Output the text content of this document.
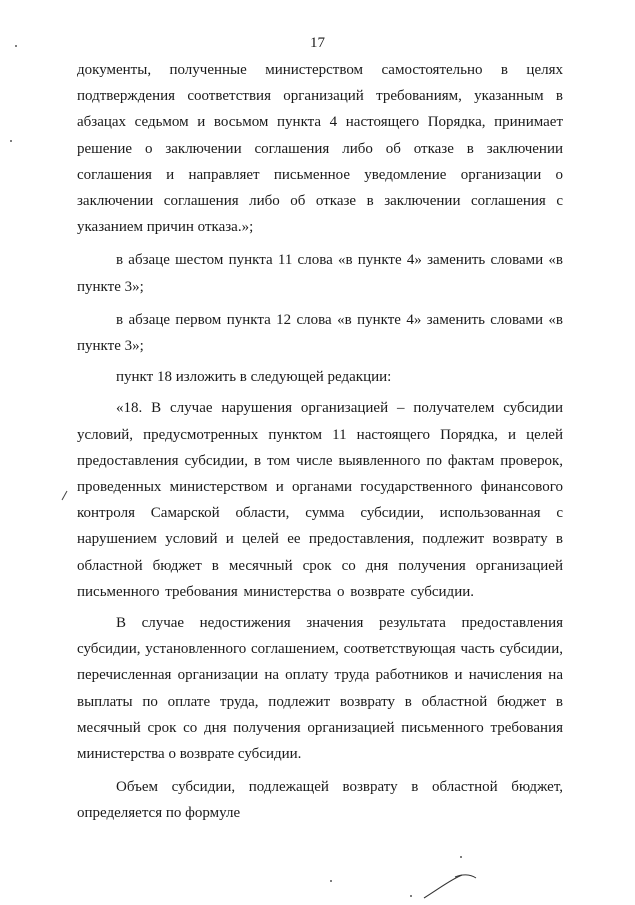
17

документы, полученные министерством самостоятельно в целях подтверждения соответствия организаций требованиям, указанным в абзацах седьмом и восьмом пункта 4 настоящего Порядка, принимает решение о заключении соглашения либо об отказе в заключении соглашения и направляет письменное уведомление организации о заключении соглашения либо об отказе в заключении соглашения с указанием причин отказа.»;

в абзаце шестом пункта 11 слова «в пункте 4» заменить словами «в пункте 3»;

в абзаце первом пункта 12 слова «в пункте 4» заменить словами «в пункте 3»;

пункт 18 изложить в следующей редакции:

«18. В случае нарушения организацией – получателем субсидии условий, предусмотренных пунктом 11 настоящего Порядка, и целей предоставления субсидии, в том числе выявленного по фактам проверок, проведенных министерством и органами государственного финансового контроля Самарской области, сумма субсидии, использованная с нарушением условий и целей ее предоставления, подлежит возврату в областной бюджет в месячный срок со дня получения организацией письменного требования министерства о возврате субсидии.

В случае недостижения значения результата предоставления субсидии, установленного соглашением, соответствующая часть субсидии, перечисленная организации на оплату труда работников и начисления на выплаты по оплате труда, подлежит возврату в областной бюджет в месячный срок со дня получения организацией письменного требования министерства о возврате субсидии.

Объем субсидии, подлежащей возврату в областной бюджет, определяется по формуле
